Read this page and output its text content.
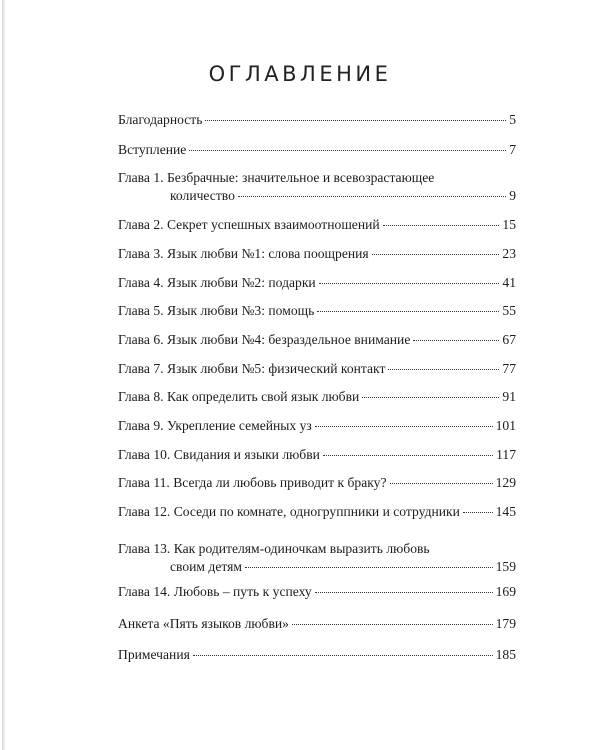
ОГЛАВЛЕНИЕ
Благодарность	5
Вступление	7
Глава 1. Безбрачные: значительное и всевозрастающее
количество	9
Глава 2. Секрет успешных взаимоотношений	15
Глава 3. Язык любви №1: слова поощрения	23
Глава 4. Язык любви №2: подарки	41
Глава 5. Язык любви №3: помощь	55
Глава 6. Язык любви №4: безраздельное внимание	67
Глава 7. Язык любви №5: физический контакт	77
Глава 8. Как определить свой язык любви	91
Глава 9. Укрепление семейных уз	101
Глава 10. Свидания и языки любви	117
Глава 11. Всегда ли любовь приводит к браку?	129
Глава 12. Соседи по комнате, одногруппники и сотрудники	145
Глава 13. Как родителям-одиночкам выразить любовь
своим детям	159
Глава 14. Любовь – путь к успеху	169
Анкета «Пять языков любви»	179
Примечания	185
